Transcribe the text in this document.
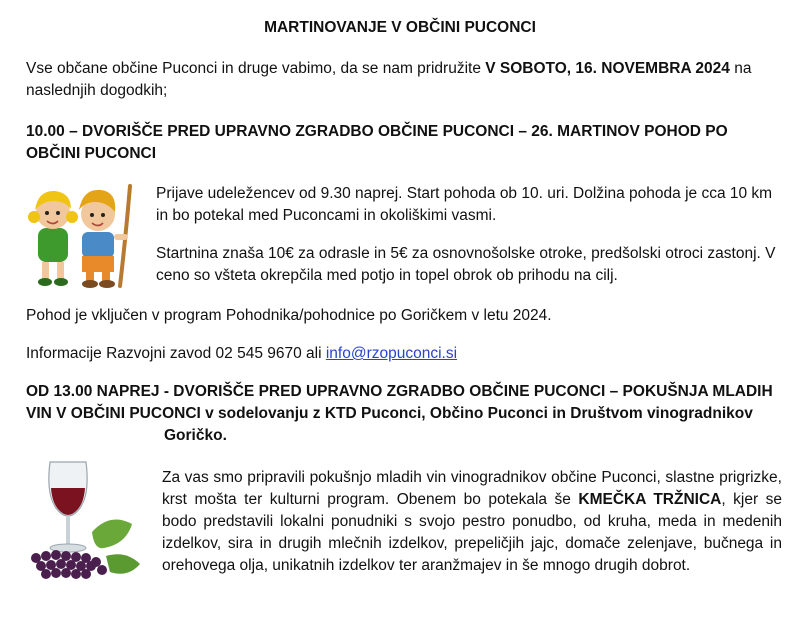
MARTINOVANJE V OBČINI PUCONCI
Vse občane občine Puconci in druge vabimo, da se nam pridružite V SOBOTO, 16. NOVEMBRA 2024 na naslednjih dogodkih;
10.00 – DVORIŠČE PRED UPRAVNO ZGRADBO OBČINE PUCONCI – 26. MARTINOV POHOD PO
OBČINI PUCONCI
Prijave udeležencev od 9.30 naprej. Start pohoda ob 10. uri. Dolžina pohoda je cca 10 km in bo potekal med Puconcami in okoliškimi vasmi.
Startnina znaša 10€ za odrasle in 5€ za osnovnošolske otroke, predšolski otroci zastonj. V ceno so všteta okrepčila med potjo in topel obrok ob prihodu na cilj.
Pohod je vključen v program Pohodnika/pohodnice po Goričkem v letu 2024.
Informacije Razvojni zavod 02 545 9670 ali info@rzopuconci.si
OD 13.00 NAPREJ - DVORIŠČE PRED UPRAVNO ZGRADBO OBČINE PUCONCI – POKUŠNJA MLADIH
VIN V OBČINI PUCONCI v sodelovanju z KTD Puconci, Občino Puconci in Društvom vinogradnikov
Goričko.
Za vas smo pripravili pokušnjo mladih vin vinogradnikov občine Puconci, slastne prigrizke, krst mošta ter kulturni program. Obenem bo potekala še KMEČKA TRŽNICA, kjer se bodo predstavili lokalni ponudniki s svojo pestro ponudbo, od kruha, meda in medenih izdelkov, sira in drugih mlečnih izdelkov, prepeličjih jajc, domače zelenjave, bučnega in orehovega olja, unikatnih izdelkov ter aranžmajev in še mnogo drugih dobrot.
